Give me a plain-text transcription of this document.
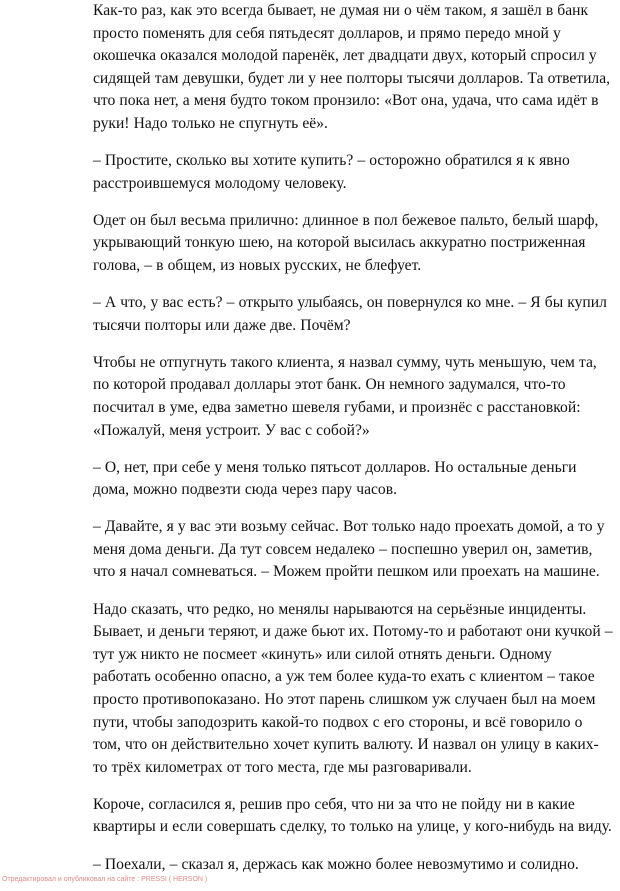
Как-то раз, как это всегда бывает, не думая ни о чём таком, я зашёл в банк просто поменять для себя пятьдесят долларов, и прямо передо мной у окошечка оказался молодой паренёк, лет двадцати двух, который спросил у сидящей там девушки, будет ли у нее полторы тысячи долларов. Та ответила, что пока нет, а меня будто током пронзило: «Вот она, удача, что сама идёт в руки! Надо только не спугнуть её».

– Простите, сколько вы хотите купить? – осторожно обратился я к явно расстроившемуся молодому человеку.

Одет он был весьма прилично: длинное в пол бежевое пальто, белый шарф, укрывающий тонкую шею, на которой высилась аккуратно постриженная голова, – в общем, из новых русских, не блефует.

– А что, у вас есть? – открыто улыбаясь, он повернулся ко мне. – Я бы купил тысячи полторы или даже две. Почём?

Чтобы не отпугнуть такого клиента, я назвал сумму, чуть меньшую, чем та, по которой продавал доллары этот банк. Он немного задумался, что-то посчитал в уме, едва заметно шевеля губами, и произнёс с расстановкой: «Пожалуй, меня устроит. У вас с собой?»

– О, нет, при себе у меня только пятьсот долларов. Но остальные деньги дома, можно подвезти сюда через пару часов.

– Давайте, я у вас эти возьму сейчас. Вот только надо проехать домой, а то у меня дома деньги. Да тут совсем недалеко – поспешно уверил он, заметив, что я начал сомневаться. – Можем пройти пешком или проехать на машине.

Надо сказать, что редко, но менялы нарываются на серьёзные инциденты. Бывает, и деньги теряют, и даже бьют их. Потому-то и работают они кучкой – тут уж никто не посмеет «кинуть» или силой отнять деньги. Одному работать особенно опасно, а уж тем более куда-то ехать с клиентом – такое просто противопоказано. Но этот парень слишком уж случаен был на моем пути, чтобы заподозрить какой-то подвох с его стороны, и всё говорило о том, что он действительно хочет купить валюту. И назвал он улицу в каких-то трёх километрах от того места, где мы разговаривали.

Короче, согласился я, решив про себя, что ни за что не пойду ни в какие квартиры и если совершать сделку, то только на улице, у кого-нибудь на виду.

– Поехали, – сказал я, держась как можно более невозмутимо и солидно.

Отредактировал и опубликовал на сайте : PRESSI ( HERSON )
